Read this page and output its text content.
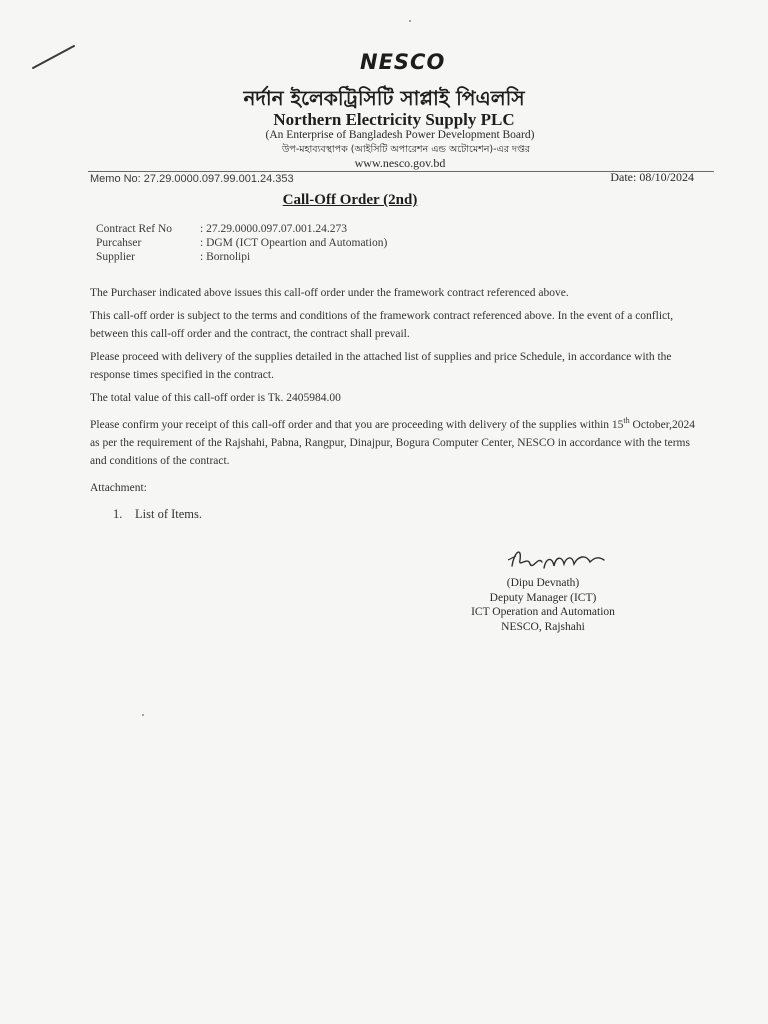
NESCO
নর্দান ইলেকট্রিসিটি সাপ্লাই পিএলসি
Northern Electricity Supply PLC
(An Enterprise of Bangladesh Power Development Board)
উপ-মহাব্যবস্থাপক (আইসিটি অপারেশন এন্ড অটোমেশন)-এর দপ্তর
www.nesco.gov.bd
Memo No: 27.29.0000.097.99.001.24.353	Date: 08/10/2024
Call-Off Order (2nd)
Contract Ref No	: 27.29.0000.097.07.001.24.273
Purcahser	: DGM (ICT Opeartion and Automation)
Supplier	: Bornolipi

The Purchaser indicated above issues this call-off order under the framework contract referenced above.

This call-off order is subject to the terms and conditions of the framework contract referenced above. In the event of a conflict, between this call-off order and the contract, the contract shall prevail.

Please proceed with delivery of the supplies detailed in the attached list of supplies and price Schedule, in accordance with the response times specified in the contract.

The total value of this call-off order is Tk. 2405984.00

Please confirm your receipt of this call-off order and that you are proceeding with delivery of the supplies within 15th October,2024 as per the requirement of the Rajshahi, Pabna, Rangpur, Dinajpur, Bogura Computer Center, NESCO in accordance with the terms and conditions of the contract.

Attachment:

1. List of Items.
(Dipu Devnath)
Deputy Manager (ICT)
ICT Operation and Automation
NESCO, Rajshahi
